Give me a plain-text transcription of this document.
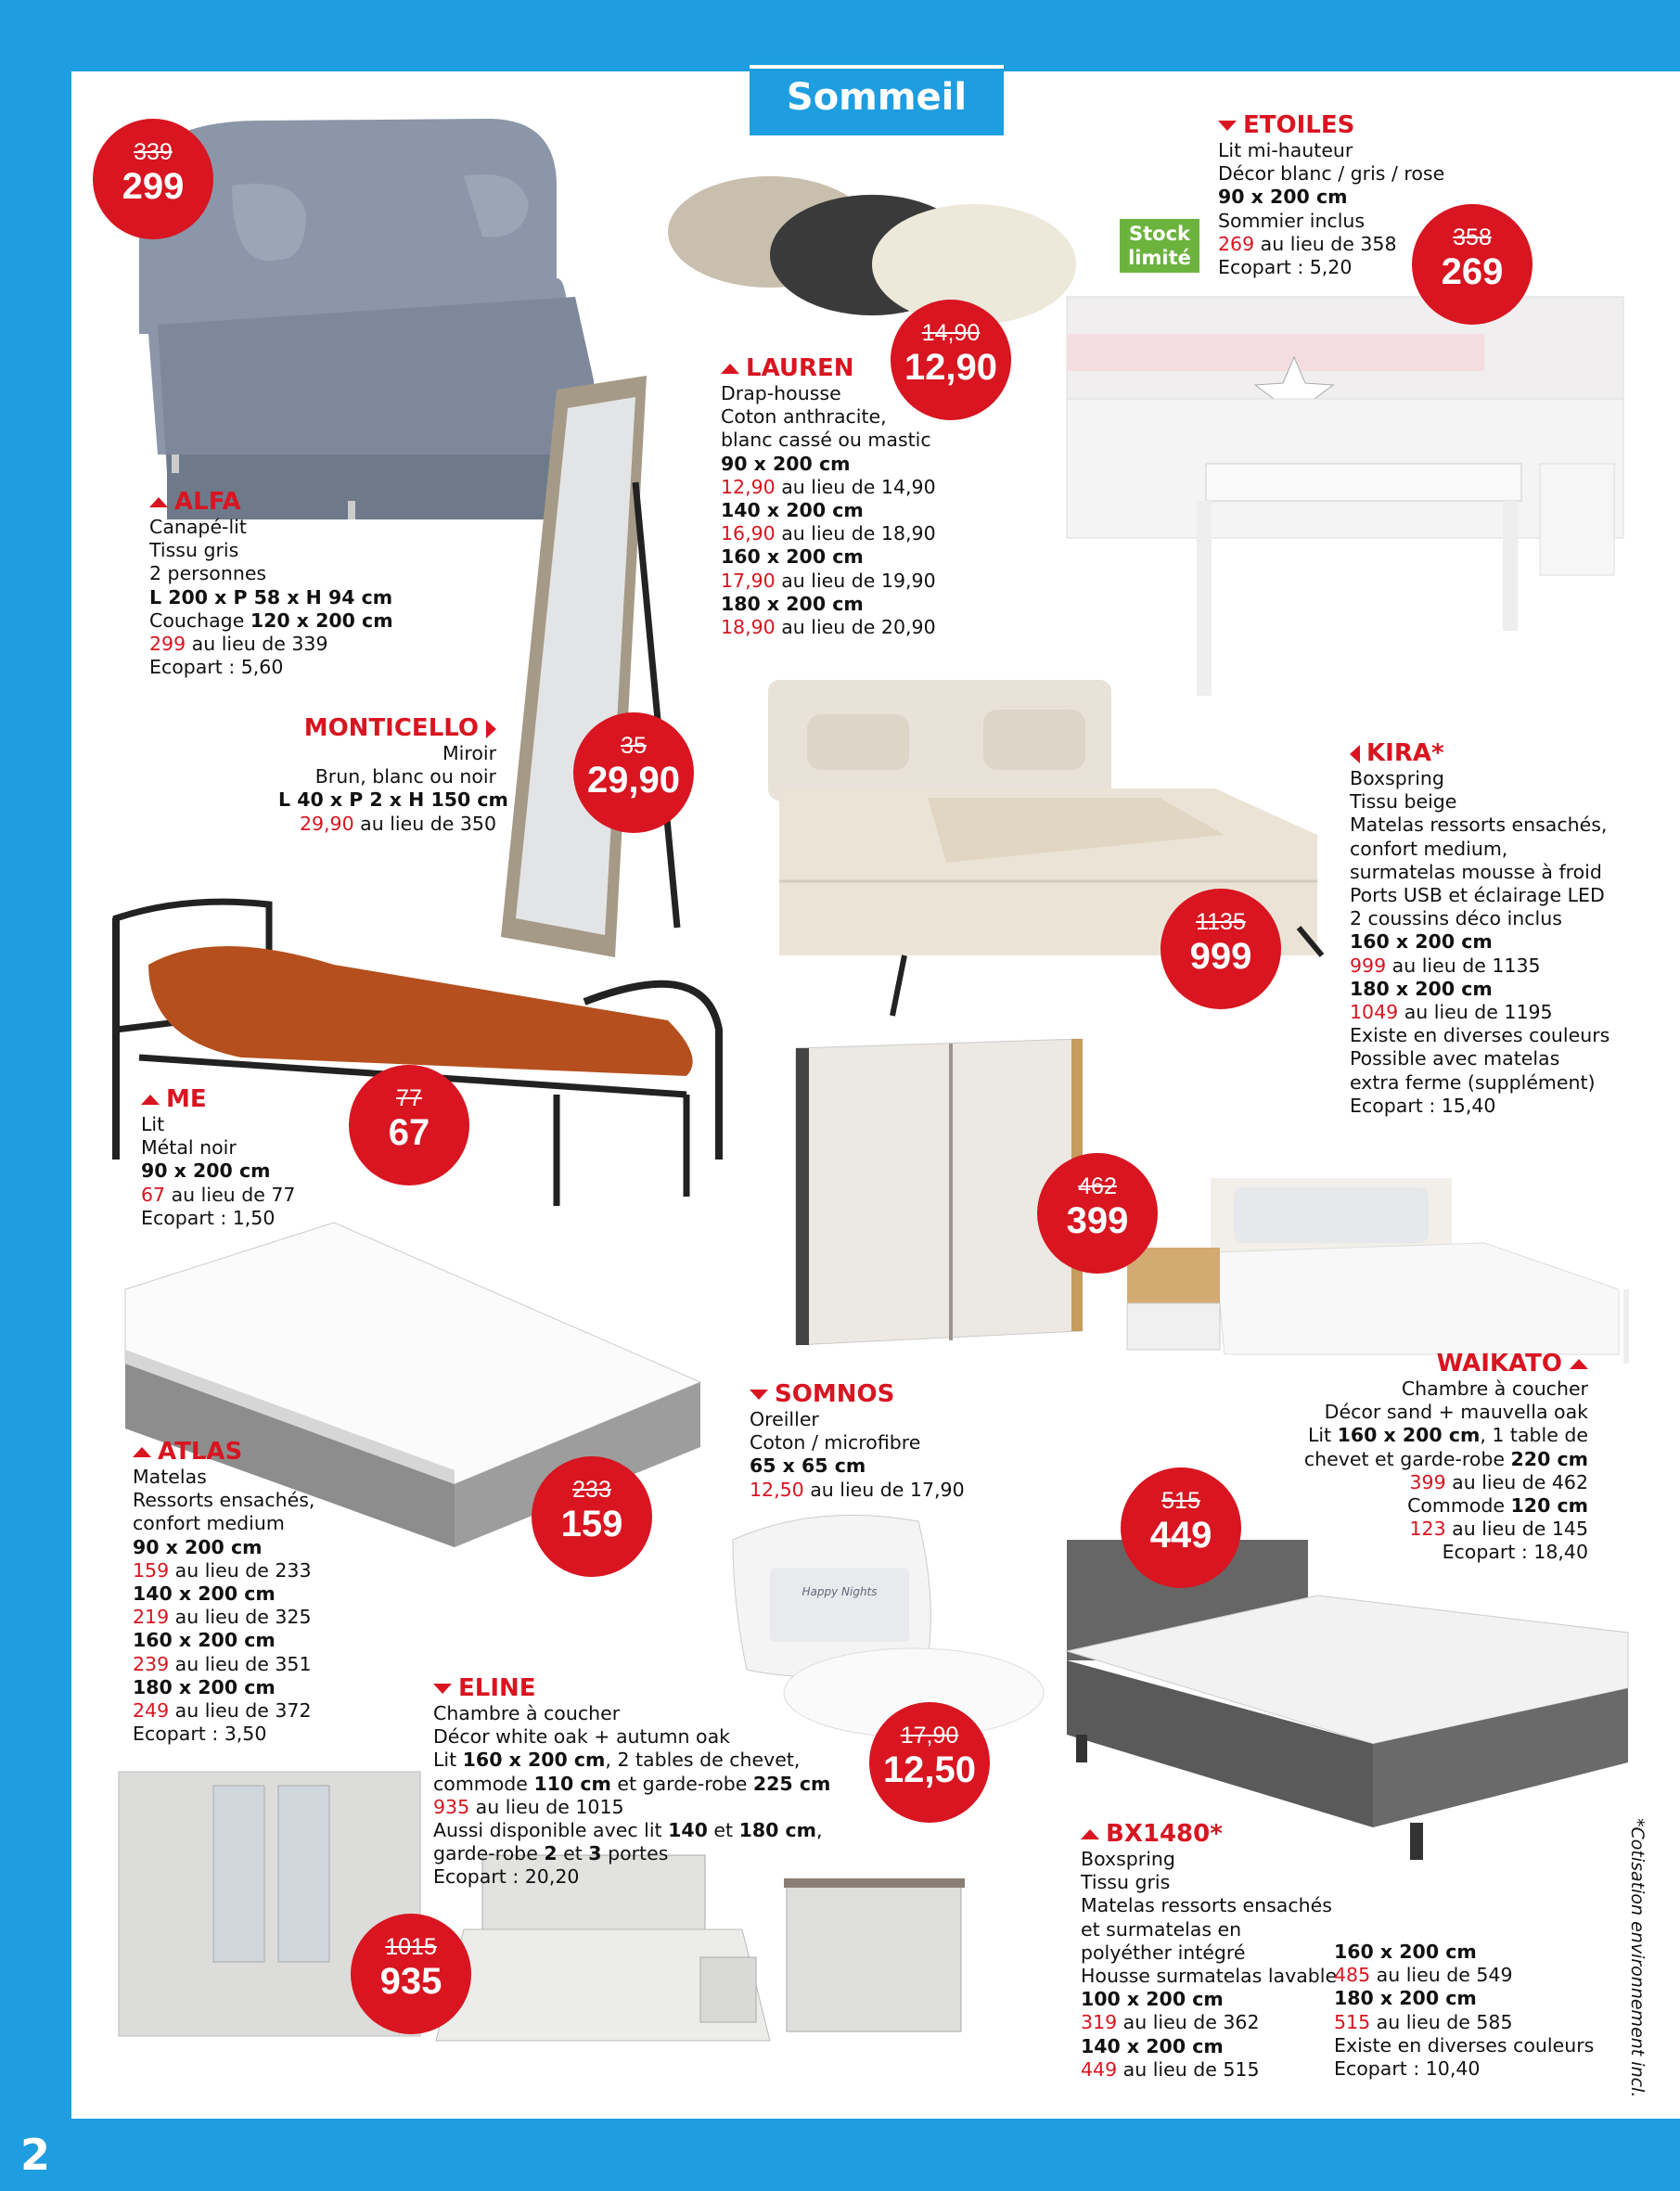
2
Sommeil
Happy Nights
339
299
ALFA
Canapé-lit
Tissu gris
2 personnes
L 200 x P 58 x H 94 cm
Couchage 120 x 200 cm
299 au lieu de 339
Ecopart : 5,60
14,90
12,90
LAUREN
Drap-housse
Coton anthracite,
blanc cassé ou mastic
90 x 200 cm
12,90 au lieu de 14,90
140 x 200 cm
16,90 au lieu de 18,90
160 x 200 cm
17,90 au lieu de 19,90
180 x 200 cm
18,90 au lieu de 20,90
Stock
limité
ETOILES
Lit mi-hauteur
Décor blanc / gris / rose
90 x 200 cm
Sommier inclus
269 au lieu de 358
Ecopart : 5,20
358
269
MONTICELLO
Miroir
Brun, blanc ou noir
L 40 x P 2 x H 150 cm
29,90 au lieu de 350
35
29,90
1135
999
KIRA*
Boxspring
Tissu beige
Matelas ressorts ensachés,
confort medium,
surmatelas mousse à froid
Ports USB et éclairage LED
2 coussins déco inclus
160 x 200 cm
999 au lieu de 1135
180 x 200 cm
1049 au lieu de 1195
Existe en diverses couleurs
Possible avec matelas
extra ferme (supplément)
Ecopart : 15,40
ME
Lit
Métal noir
90 x 200 cm
67 au lieu de 77
Ecopart : 1,50
77
67
462
399
WAIKATO
Chambre à coucher
Décor sand + mauvella oak
Lit 160 x 200 cm, 1 table de
chevet et garde-robe 220 cm
399 au lieu de 462
Commode 120 cm
123 au lieu de 145
Ecopart : 18,40
ATLAS
Matelas
Ressorts ensachés,
confort medium
90 x 200 cm
159 au lieu de 233
140 x 200 cm
219 au lieu de 325
160 x 200 cm
239 au lieu de 351
180 x 200 cm
249 au lieu de 372
Ecopart : 3,50
233
159
SOMNOS
Oreiller
Coton / microfibre
65 x 65 cm
12,50 au lieu de 17,90
17,90
12,50
515
449
BX1480*
Boxspring
Tissu gris
Matelas ressorts ensachés
et surmatelas en
polyéther intégré
Housse surmatelas lavable
100 x 200 cm
319 au lieu de 362
140 x 200 cm
449 au lieu de 515
160 x 200 cm
485 au lieu de 549
180 x 200 cm
515 au lieu de 585
Existe en diverses couleurs
Ecopart : 10,40
ELINE
Chambre à coucher
Décor white oak + autumn oak
Lit 160 x 200 cm, 2 tables de chevet,
commode 110 cm et garde-robe 225 cm
935 au lieu de 1015
Aussi disponible avec lit 140 et 180 cm,
garde-robe 2 et 3 portes
Ecopart : 20,20
1015
935	*Cotisation environnement incl.
